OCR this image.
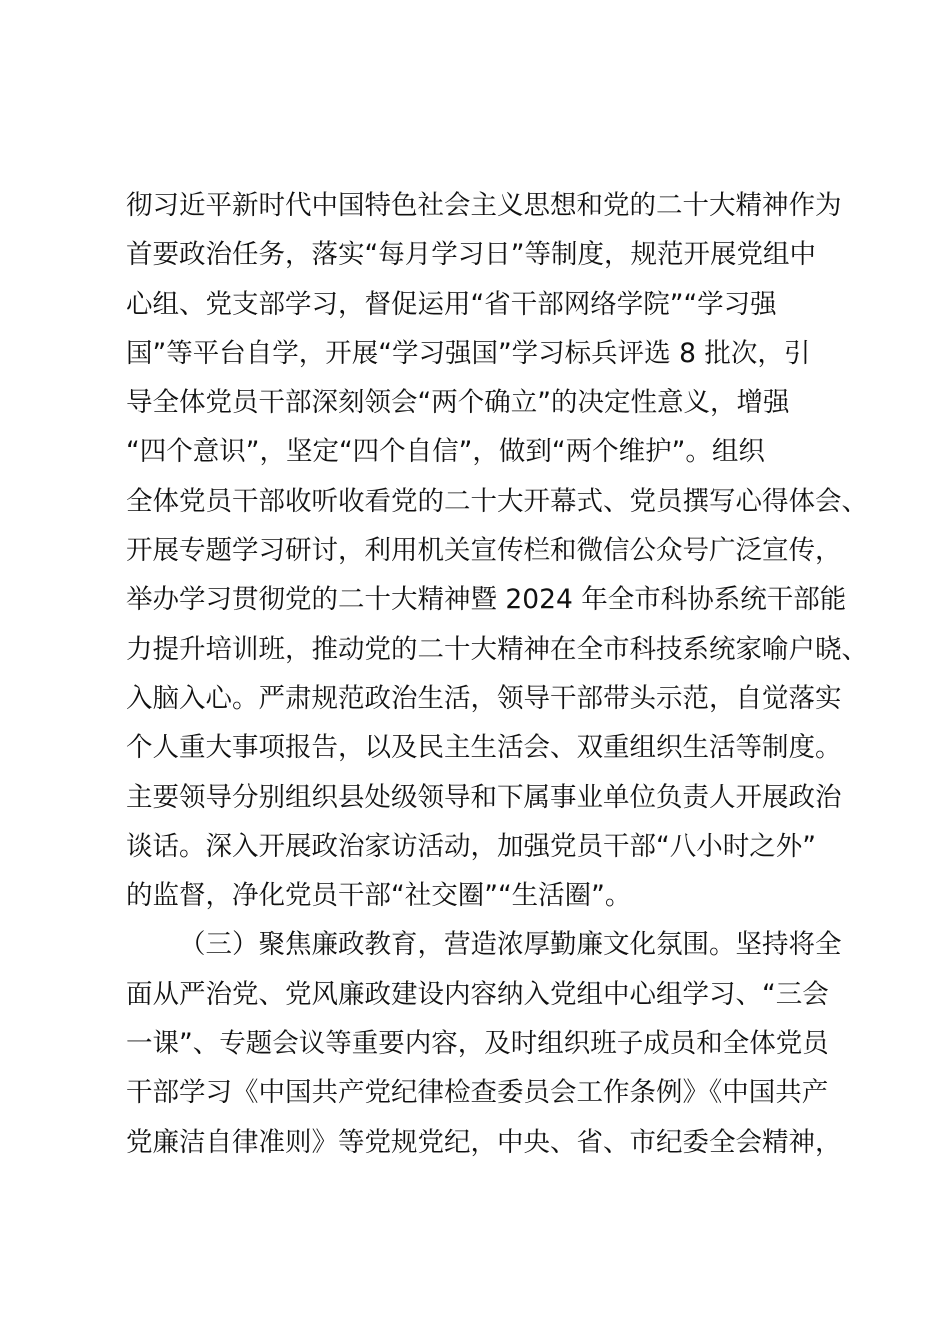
彻习近平新时代中国特色社会主义思想和党的二十大精神作为
首要政治任务，落实“每月学习日”等制度，规范开展党组中
心组、党支部学习，督促运用“省干部网络学院”“学习强
国”等平台自学，开展“学习强国”学习标兵评选 8 批次，引
导全体党员干部深刻领会“两个确立”的决定性意义，增强
“四个意识”，坚定“四个自信”，做到“两个维护”。组织
全体党员干部收听收看党的二十大开幕式、党员撰写心得体会、
开展专题学习研讨，利用机关宣传栏和微信公众号广泛宣传，
举办学习贯彻党的二十大精神暨 2024 年全市科协系统干部能
力提升培训班，推动党的二十大精神在全市科技系统家喻户晓、
入脑入心。严肃规范政治生活，领导干部带头示范，自觉落实
个人重大事项报告，以及民主生活会、双重组织生活等制度。
主要领导分别组织县处级领导和下属事业单位负责人开展政治
谈话。深入开展政治家访活动，加强党员干部“八小时之外”
的监督，净化党员干部“社交圈”“生活圈”。
（三）聚焦廉政教育，营造浓厚勤廉文化氛围。坚持将全
面从严治党、党风廉政建设内容纳入党组中心组学习、“三会
一课”、专题会议等重要内容，及时组织班子成员和全体党员
干部学习《中国共产党纪律检查委员会工作条例》《中国共产
党廉洁自律准则》等党规党纪，中央、省、市纪委全会精神，
